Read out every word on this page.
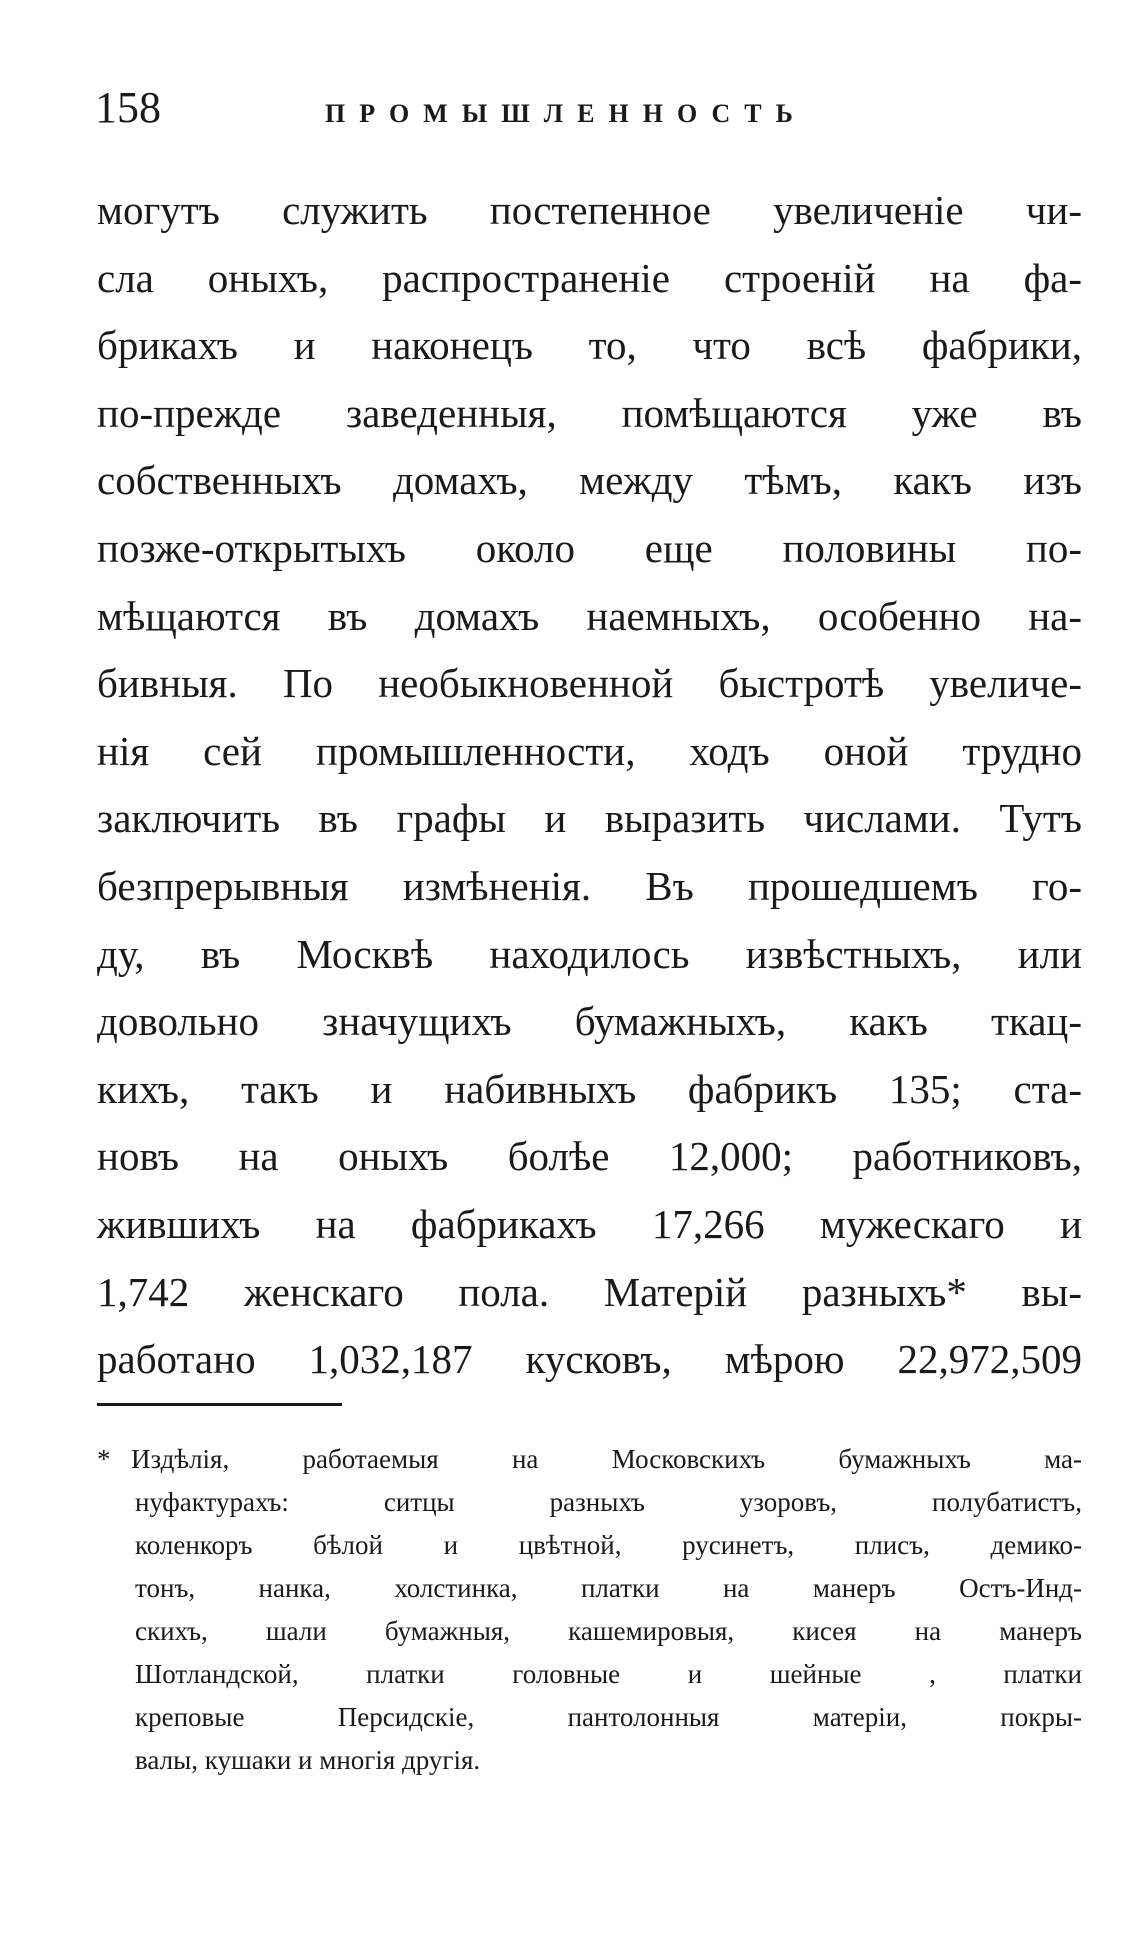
158	ПРОМЫШЛЕННОСТЬ
могутъ служить постепенное увеличеніе чи-
сла оныхъ, распространеніе строеній на фа-
брикахъ и наконецъ то, что всѣ фабрики,
по-прежде заведенныя, помѣщаются уже въ
собственныхъ домахъ, между тѣмъ, какъ изъ
позже-открытыхъ около еще половины по-
мѣщаются въ домахъ наемныхъ, особенно на-
бивныя. По необыкновенной быстротѣ увеличе-
нія сей промышленности, ходъ оной трудно
заключить въ графы и выразить числами. Тутъ
безпрерывныя измѣненія. Въ прошедшемъ го-
ду, въ Москвѣ находилось извѣстныхъ, или
довольно значущихъ бумажныхъ, какъ ткац-
кихъ, такъ и набивныхъ фабрикъ 135; ста-
новъ на оныхъ болѣе 12,000; работниковъ,
жившихъ на фабрикахъ 17,266 мужескаго и
1,742 женскаго пола. Матерій разныхъ* вы-
работано 1,032,187 кусковъ, мѣрою 22,972,509
* Издѣлія, работаемыя на Московскихъ бумажныхъ ма-
нуфактурахъ: ситцы разныхъ узоровъ, полубатистъ,
коленкоръ бѣлой и цвѣтной, русинетъ, плисъ, демико-
тонъ, нанка, холстинка, платки на манеръ Остъ-Инд-
скихъ, шали бумажныя, кашемировыя, кисея на манеръ
Шотландской, платки головные и шейные , платки
креповые Персидскіе, пантолонныя матеріи, покры-
валы, кушаки и многія другія.
